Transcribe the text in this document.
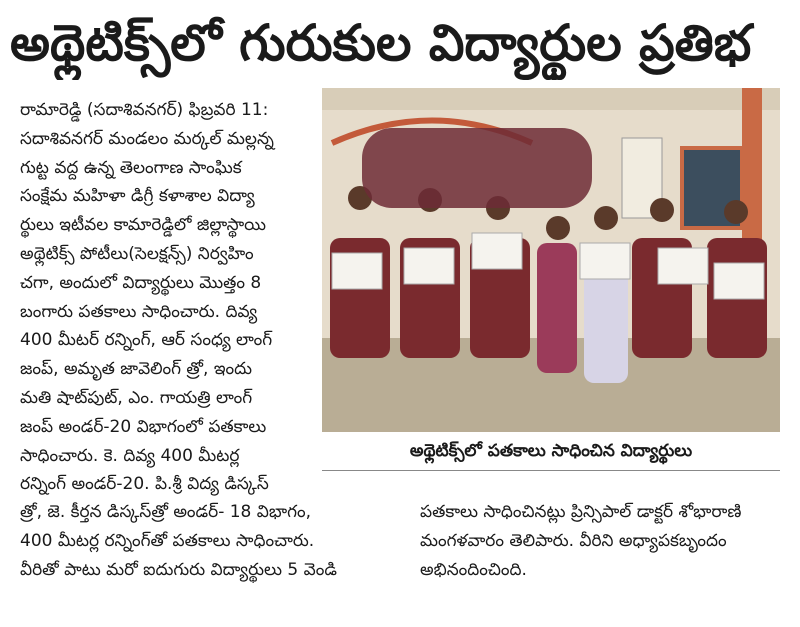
అథ్లెటిక్స్‌లో గురుకుల విద్యార్థుల ప్రతిభ
రామారెడ్డి (సదాశివనగర్) ఫిబ్రవరి 11:
సదాశివనగర్ మండలం మర్కల్ మల్లన్న
గుట్ట వద్ద ఉన్న తెలంగాణ సాంఘిక
సంక్షేమ మహిళా డిగ్రీ కళాశాల విద్యా
ర్థులు ఇటీవల కామారెడ్డిలో జిల్లాస్థాయి
అథ్లెటిక్స్ పోటీలు(సెలక్షన్స్) నిర్వహిం
చగా, అందులో విద్యార్థులు మొత్తం 8
బంగారు పతకాలు సాధించారు. దివ్య
400 మీటర్ రన్నింగ్, ఆర్ సంధ్య లాంగ్
జంప్, అమృత జావెలింగ్ త్రో, ఇందు
మతి షాట్‌పుట్, ఎం. గాయత్రి లాంగ్
జంప్ అండర్-20 విభాగంలో పతకాలు
సాధించారు. కె. దివ్య 400 మీటర్ల
రన్నింగ్ అండర్-20. పి.శ్రీ విద్య డిస్కస్
అథ్లెటిక్స్‌లో పతకాలు సాధించిన విద్యార్థులు
త్రో, జె. కీర్తన డిస్కస్‌త్రో అండర్- 18 విభాగం,
400 మీటర్ల రన్నింగ్‌తో పతకాలు సాధించారు.
వీరితో పాటు మరో ఐదుగురు విద్యార్థులు 5 వెండి
పతకాలు సాధించినట్లు ప్రిన్సిపాల్ డాక్టర్ శోభారాణి
మంగళవారం తెలిపారు. వీరిని అధ్యాపకబృందం
అభినందించింది.
